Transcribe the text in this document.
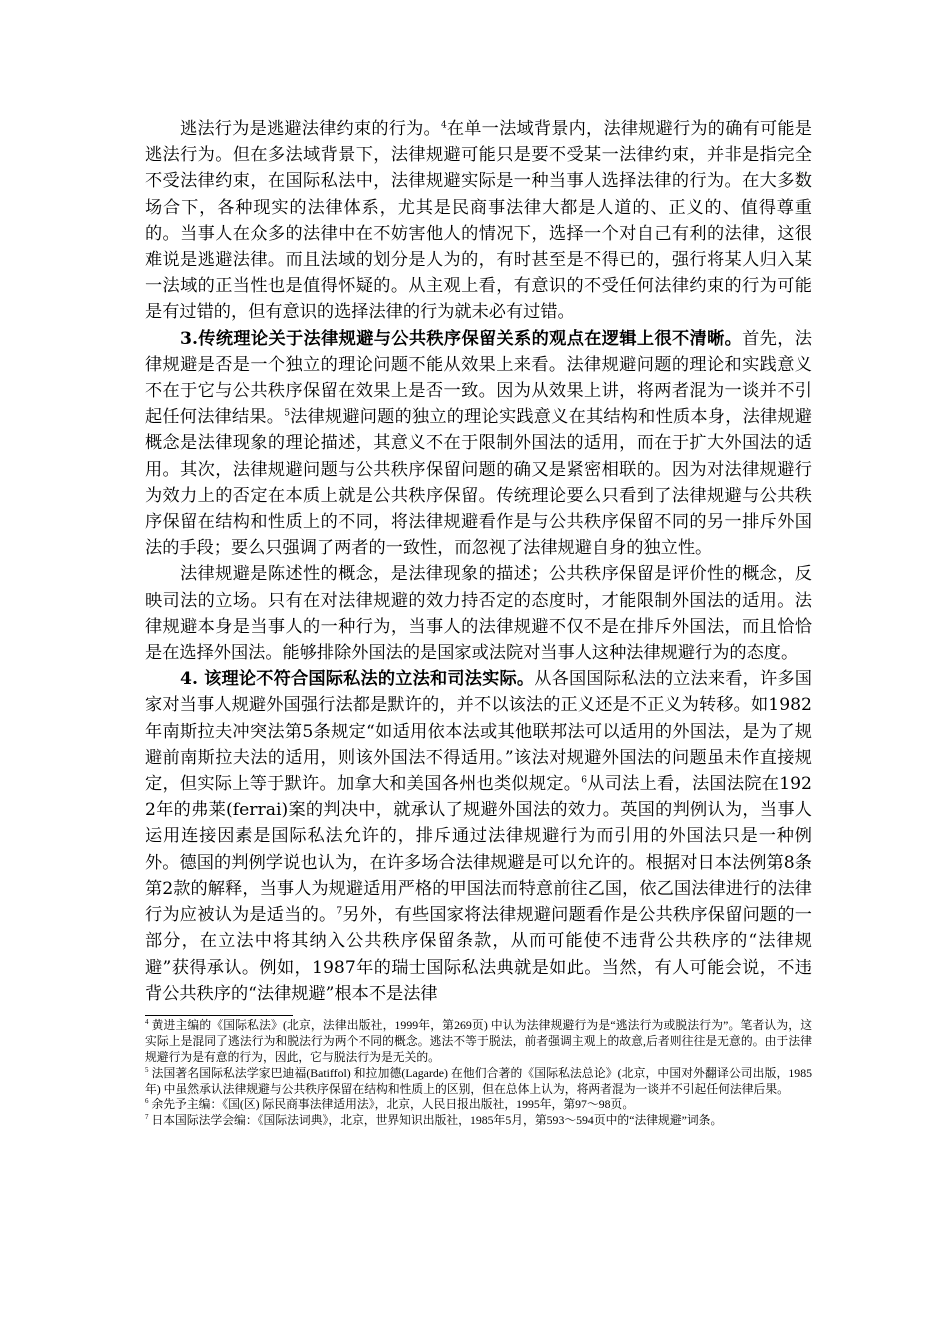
逃法行为是逃避法律约束的行为。$^4$在单一法域背景内，法律规避行为的确有可能是逃法行为。但在多法域背景下，法律规避可能只是要不受某一法律约束，并非是指完全不受法律约束，在国际私法中，法律规避实际是一种当事人选择法律的行为。在大多数场合下，各种现实的法律体系，尤其是民商事法律大都是人道的、正义的、值得尊重的。当事人在众多的法律中在不妨害他人的情况下，选择一个对自己有利的法律，这很难说是逃避法律。而且法域的划分是人为的，有时甚至是不得已的，强行将某人归入某一法域的正当性也是值得怀疑的。从主观上看，有意识的不受任何法律约束的行为可能是有过错的，但有意识的选择法律的行为就未必有过错。

3.传统理论关于法律规避与公共秩序保留关系的观点在逻辑上很不清晰。首先，法律规避是否是一个独立的理论问题不能从效果上来看。法律规避问题的理论和实践意义不在于它与公共秩序保留在效果上是否一致。因为从效果上讲，将两者混为一谈并不引起任何法律结果。$^5$法律规避问题的独立的理论实践意义在其结构和性质本身，法律规避概念是法律现象的理论描述，其意义不在于限制外国法的适用，而在于扩大外国法的适用。其次，法律规避问题与公共秩序保留问题的确又是紧密相联的。因为对法律规避行为效力上的否定在本质上就是公共秩序保留。传统理论要么只看到了法律规避与公共秩序保留在结构和性质上的不同，将法律规避看作是与公共秩序保留不同的另一排斥外国法的手段；要么只强调了两者的一致性，而忽视了法律规避自身的独立性。

法律规避是陈述性的概念，是法律现象的描述；公共秩序保留是评价性的概念，反映司法的立场。只有在对法律规避的效力持否定的态度时，才能限制外国法的适用。法律规避本身是当事人的一种行为，当事人的法律规避不仅不是在排斥外国法，而且恰恰是在选择外国法。能够排除外国法的是国家或法院对当事人这种法律规避行为的态度。

4. 该理论不符合国际私法的立法和司法实际。从各国国际私法的立法来看，许多国家对当事人规避外国强行法都是默许的，并不以该法的正义还是不正义为转移。如1982年南斯拉夫冲突法第5条规定“如适用依本法或其他联邦法可以适用的外国法，是为了规避前南斯拉夫法的适用，则该外国法不得适用。”该法对规避外国法的问题虽未作直接规定，但实际上等于默许。加拿大和美国各州也类似规定。$^6$从司法上看，法国法院在1922年的弗莱(ferrai)案的判决中，就承认了规避外国法的效力。英国的判例认为，当事人运用连接因素是国际私法允许的，排斥通过法律规避行为而引用的外国法只是一种例外。德国的判例学说也认为，在许多场合法律规避是可以允许的。根据对日本法例第8条第2款的解释，当事人为规避适用严格的甲国法而特意前往乙国，依乙国法律进行的法律行为应被认为是适当的。$^7$另外，有些国家将法律规避问题看作是公共秩序保留问题的一部分，在立法中将其纳入公共秩序保留条款，从而可能使不违背公共秩序的“法律规避”获得承认。例如，1987年的瑞士国际私法典就是如此。当然，有人可能会说，不违背公共秩序的“法律规避”根本不是法律

$^4$ 黄进主编的《国际私法》(北京，法律出版社，1999年，第269页) 中认为法律规避行为是“逃法行为或脱法行为”。笔者认为，这实际上是混同了逃法行为和脱法行为两个不同的概念。逃法不等于脱法，前者强调主观上的故意,后者则往往是无意的。由于法律规避行为是有意的行为，因此，它与脱法行为是无关的。

$^5$ 法国著名国际私法学家巴迪福(Batiffol) 和拉加德(Lagarde) 在他们合著的《国际私法总论》(北京，中国对外翻译公司出版，1985年) 中虽然承认法律规避与公共秩序保留在结构和性质上的区别，但在总体上认为，将两者混为一谈并不引起任何法律后果。

$^6$ 余先予主编：《国(区) 际民商事法律适用法》，北京，人民日报出版社，1995年，第97～98页。

$^7$ 日本国际法学会编：《国际法词典》，北京，世界知识出版社，1985年5月，第593～594页中的“法律规避”词条。
